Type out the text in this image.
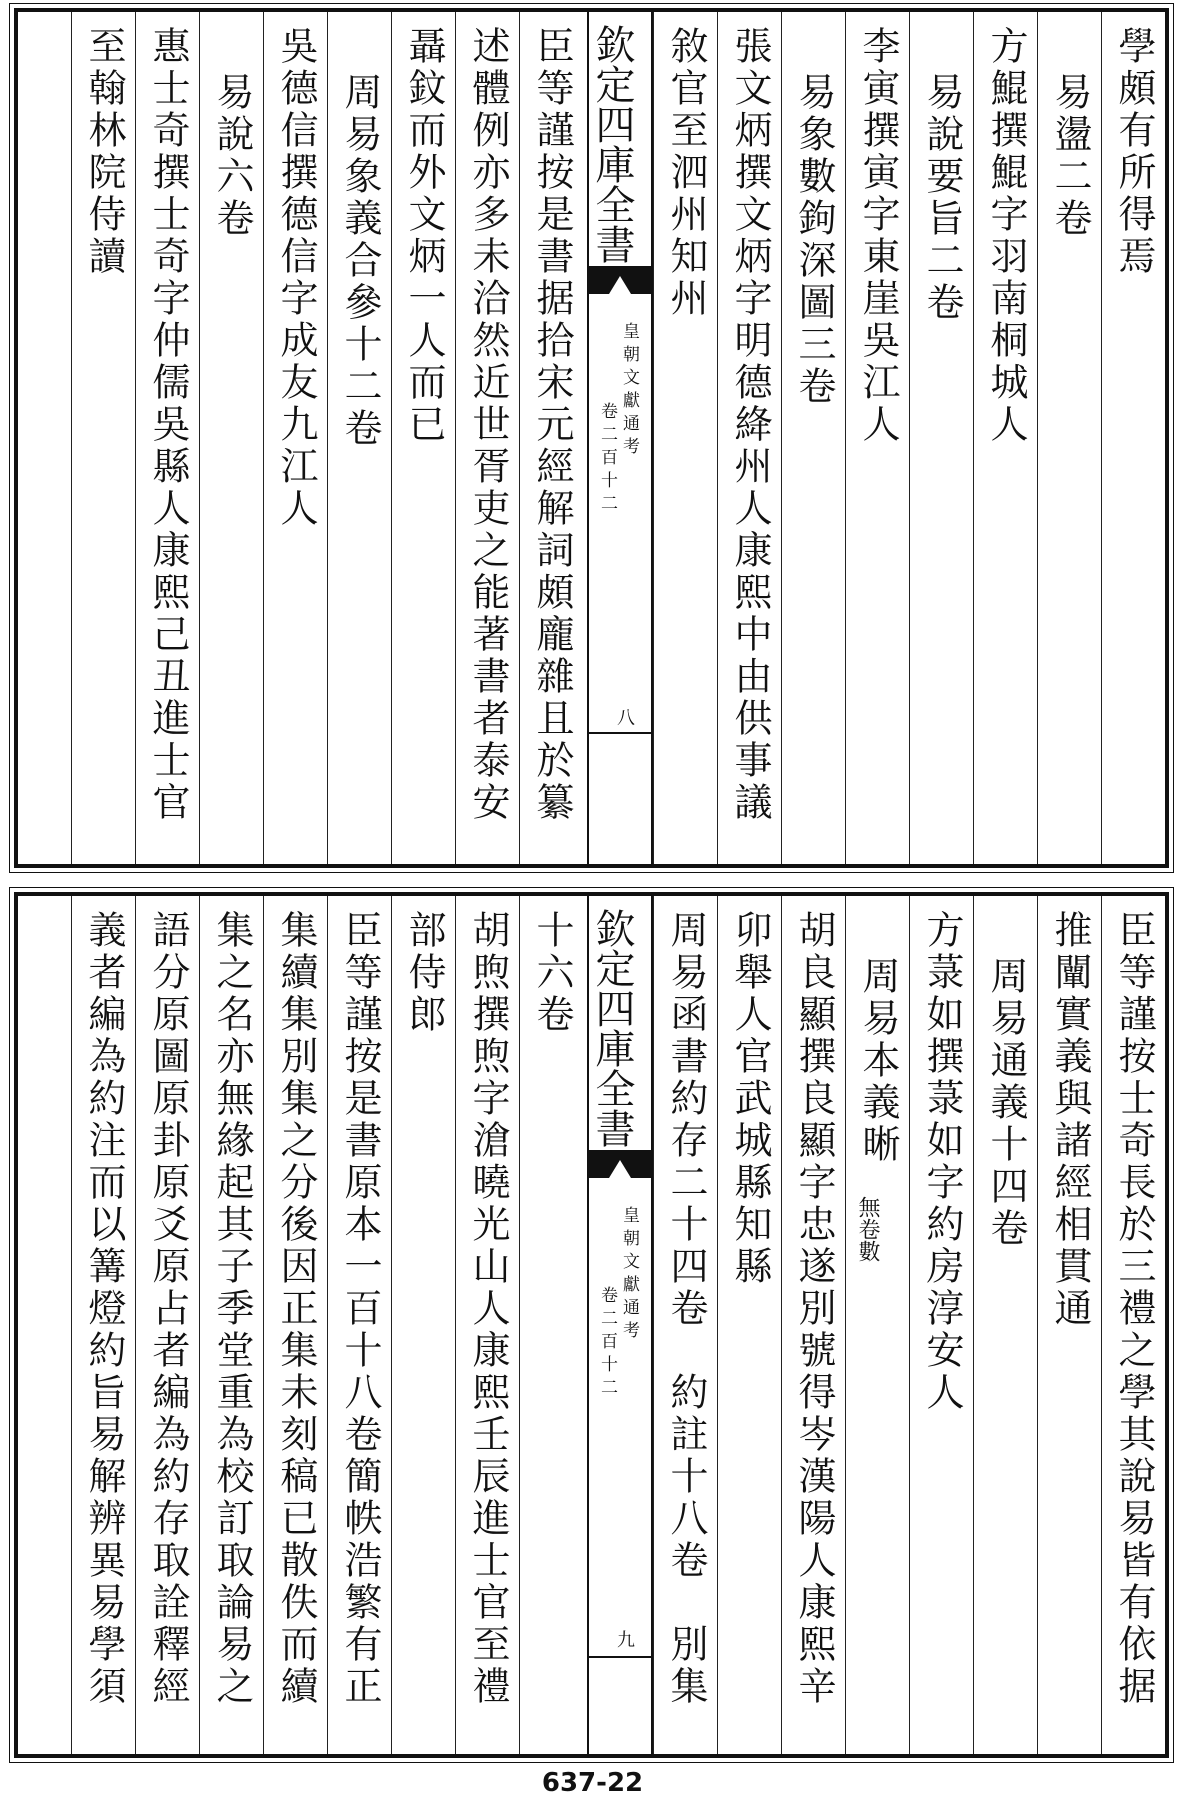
學頗有所得焉
易盪二卷
方鯤撰鯤字羽南桐城人
易說要旨二卷
李寅撰寅字東崖吳江人
易象數鉤深圖三卷
張文炳撰文炳字明德絳州人康熙中由供事議
敘官至泗州知州
欽定四庫全書
皇朝文獻通考
卷二百十二
八
臣等謹按是書据拾宋元經解詞頗龐雜且於纂
述體例亦多未洽然近世胥吏之能著書者泰安
聶鈫而外文炳一人而已
周易象義合參十二卷
吳德信撰德信字成友九江人
易說六卷
惠士奇撰士奇字仲儒吳縣人康熙己丑進士官
至翰林院侍讀
臣等謹按士奇長於三禮之學其說易皆有依据
推闡實義與諸經相貫通
周易通義十四卷
方菉如撰菉如字約房淳安人
周易本義晰
無卷數
胡良顯撰良顯字忠遂別號得岑漢陽人康熙辛
卯舉人官武城縣知縣
周易函書約存二十四卷　約註十八卷　別集
欽定四庫全書
皇朝文獻通考
卷二百十二
九
十六卷
胡煦撰煦字滄曉光山人康熙壬辰進士官至禮
部侍郎
臣等謹按是書原本一百十八卷簡帙浩繁有正
集續集別集之分後因正集未刻稿已散佚而續
集之名亦無緣起其子季堂重為校訂取論易之
語分原圖原卦原爻原占者編為約存取詮釋經
義者編為約注而以篝燈約旨易解辨異易學須
637-22
